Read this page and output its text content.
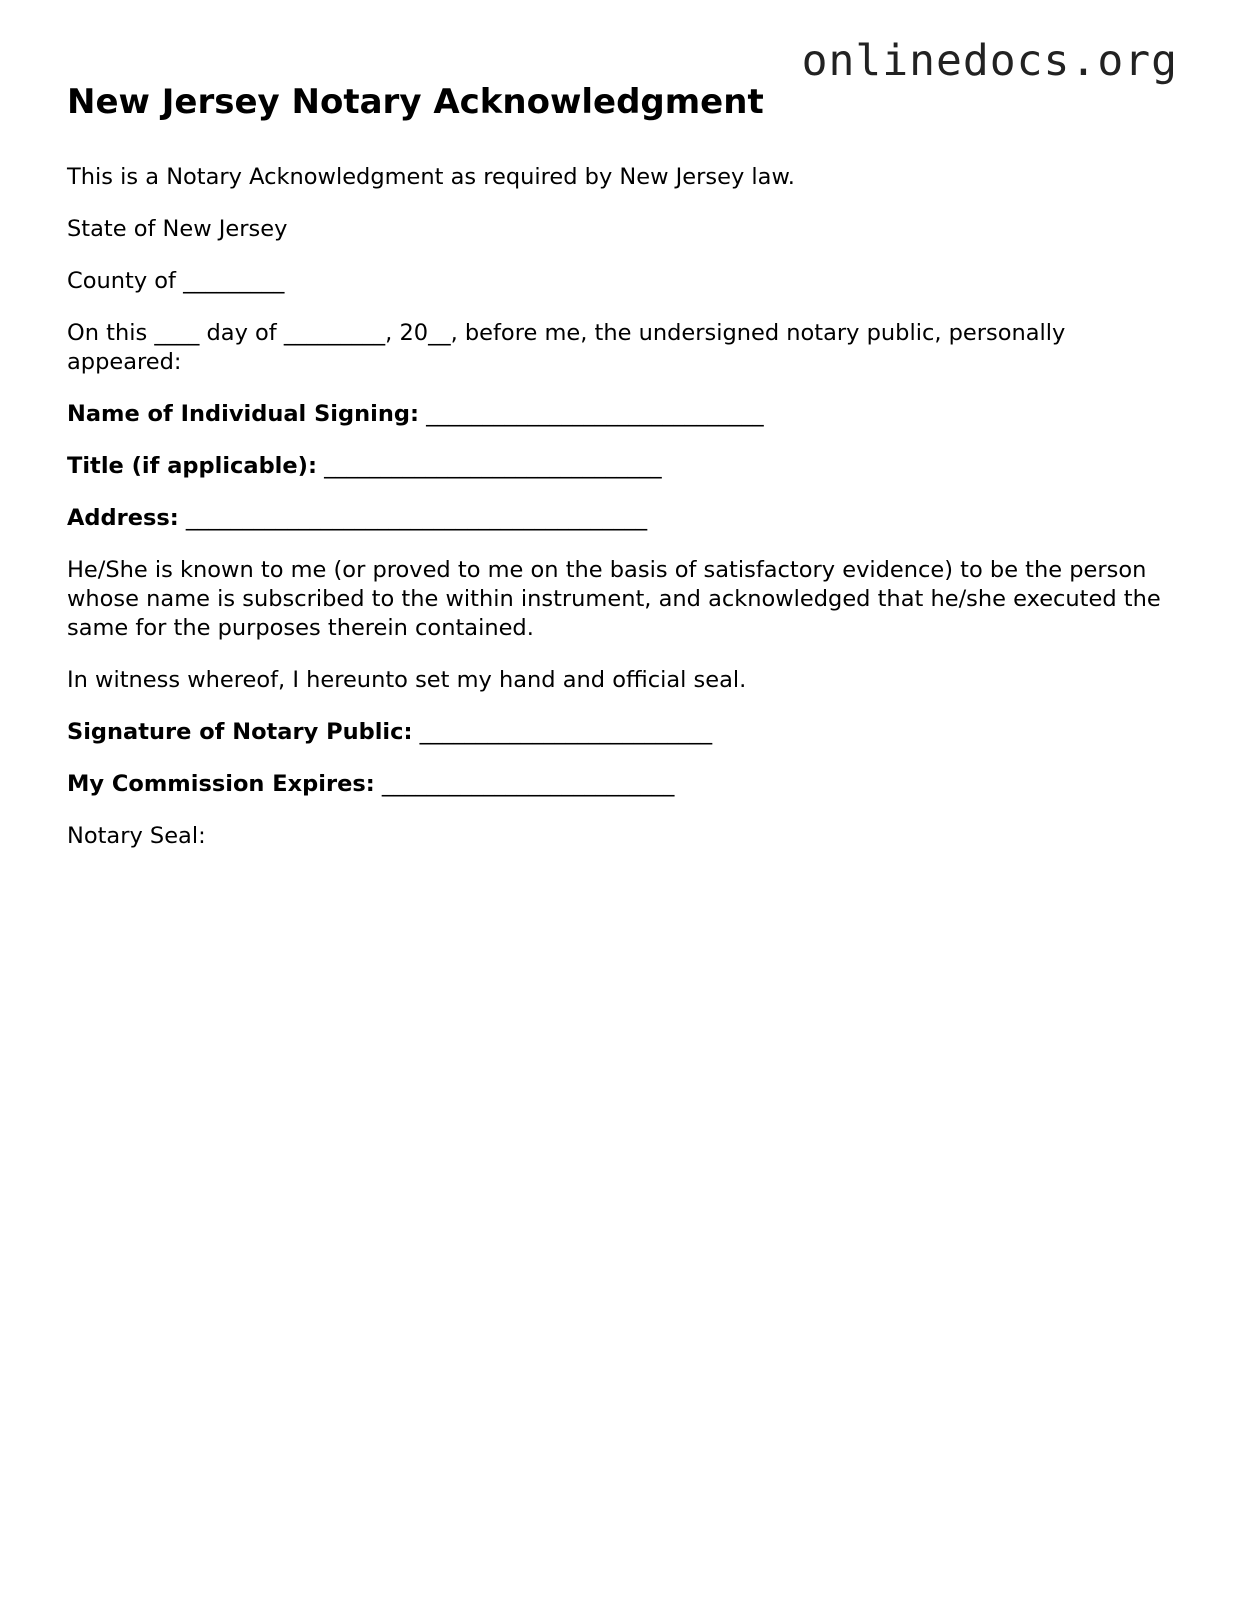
onlinedocs.org
New Jersey Notary Acknowledgment

This is a Notary Acknowledgment as required by New Jersey law.

State of New Jersey

County of _________

On this ____ day of _________, 20__, before me, the undersigned notary public, personally appeared:

Name of Individual Signing: ______________________________

Title (if applicable): ______________________________

Address: _________________________________________

He/She is known to me (or proved to me on the basis of satisfactory evidence) to be the person whose name is subscribed to the within instrument, and acknowledged that he/she executed the same for the purposes therein contained.

In witness whereof, I hereunto set my hand and official seal.

Signature of Notary Public: __________________________

My Commission Expires: __________________________

Notary Seal:
